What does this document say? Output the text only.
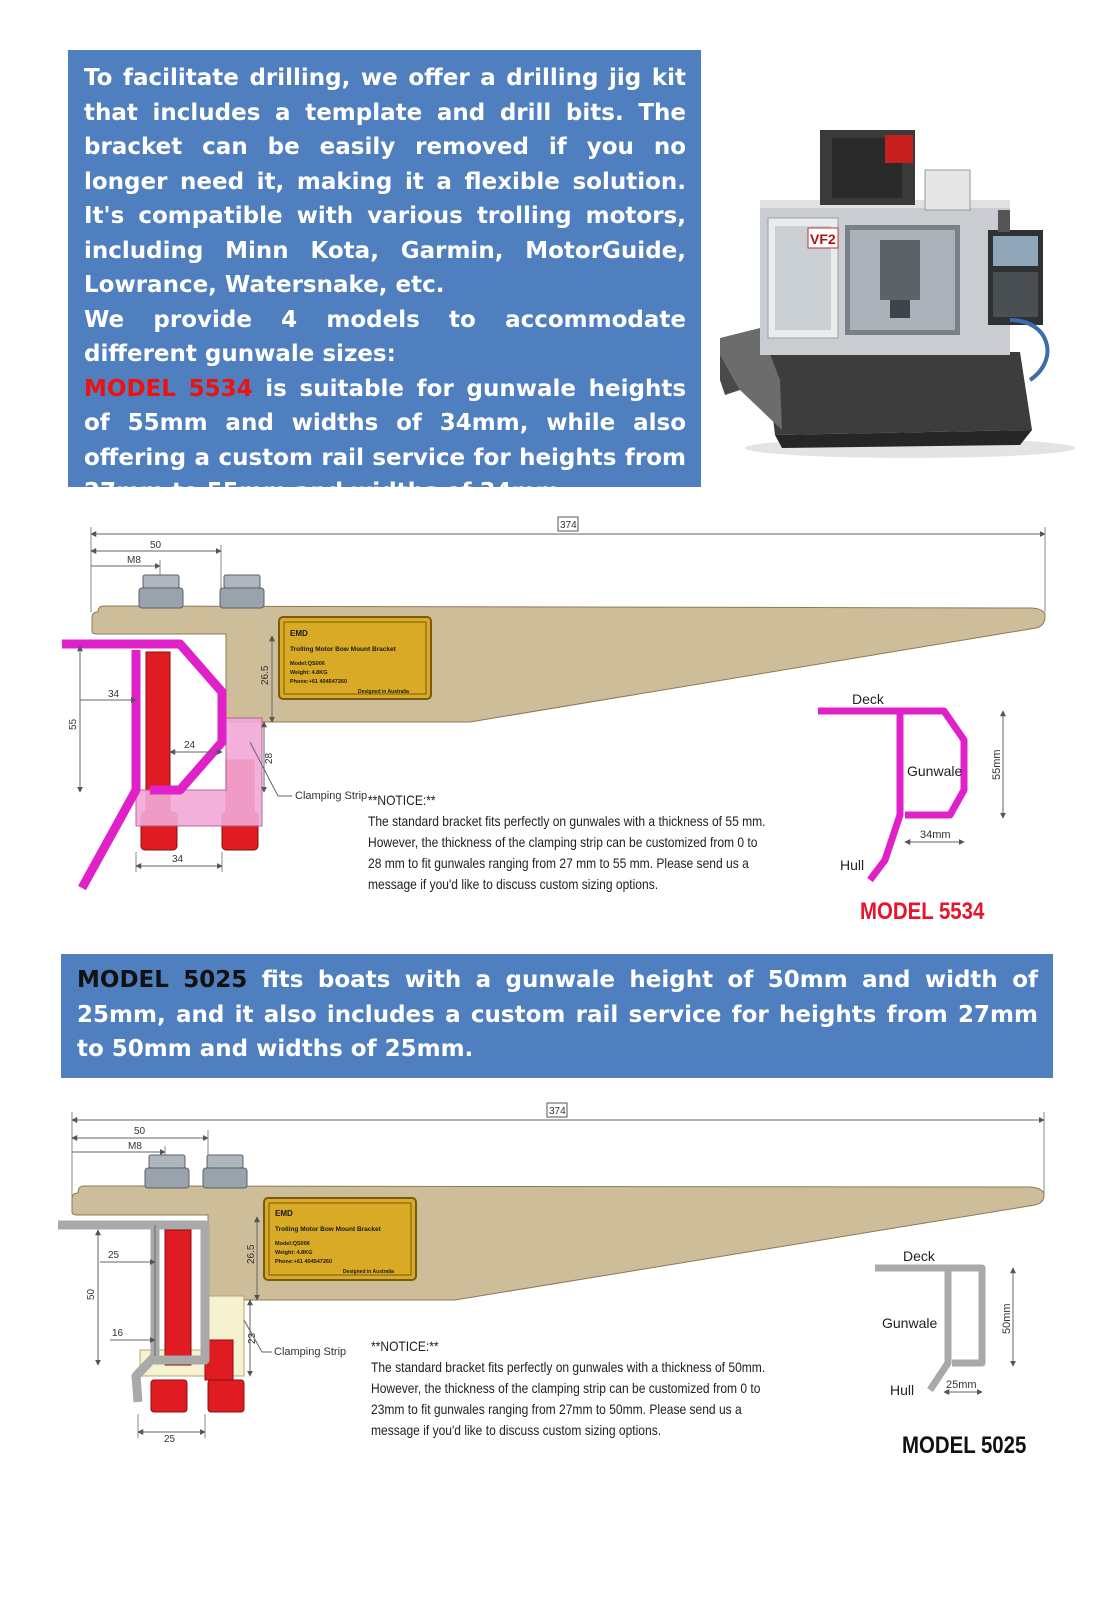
To facilitate drilling, we offer a drilling jig kit that includes a template and drill bits. The bracket can be easily removed if you no longer need it, making it a flexible solution. It's compatible with various trolling motors, including Minn Kota, Garmin, MotorGuide, Lowrance, Watersnake, etc.

We provide 4 models to accommodate different gunwale sizes:

MODEL 5534 is suitable for gunwale heights of 55mm and widths of 34mm, while also offering a custom rail service for heights from 27mm to 55mm and widths of 34mm.

VF2
374
50
M8
EMD
Trolling Motor Bow Mount Bracket
Model:QS006
Weight: 4.8KG
Phone:+61 404547260
Designed in Australia
26.5
34
55
24
28
34
Clamping Strip
Deck
Gunwale
Hull
55mm
34mm
**NOTICE:**
The standard bracket fits perfectly on gunwales with a thickness of 55 mm.
However, the thickness of the clamping strip can be customized from 0 to
28 mm to fit gunwales ranging from 27 mm to 55 mm. Please send us a
message if you'd like to discuss custom sizing options.
MODEL 5534
MODEL 5025 fits boats with a gunwale height of 50mm and width of 25mm, and it also includes a custom rail service for heights from 27mm to 50mm and widths of 25mm.
374
50
M8
EMD
Trolling Motor Bow Mount Bracket
Model:QS006
Weight: 4.8KG
Phone:+61 404547260
Designed in Australia
26.5
25
50
16	23
25
Clamping Strip
Deck
Gunwale
Hull
50mm
25mm
**NOTICE:**
The standard bracket fits perfectly on gunwales with a thickness of 50mm.
However, the thickness of the clamping strip can be customized from 0 to
23mm to fit gunwales ranging from 27mm to 50mm. Please send us a
message if you'd like to discuss custom sizing options.
MODEL 5025
